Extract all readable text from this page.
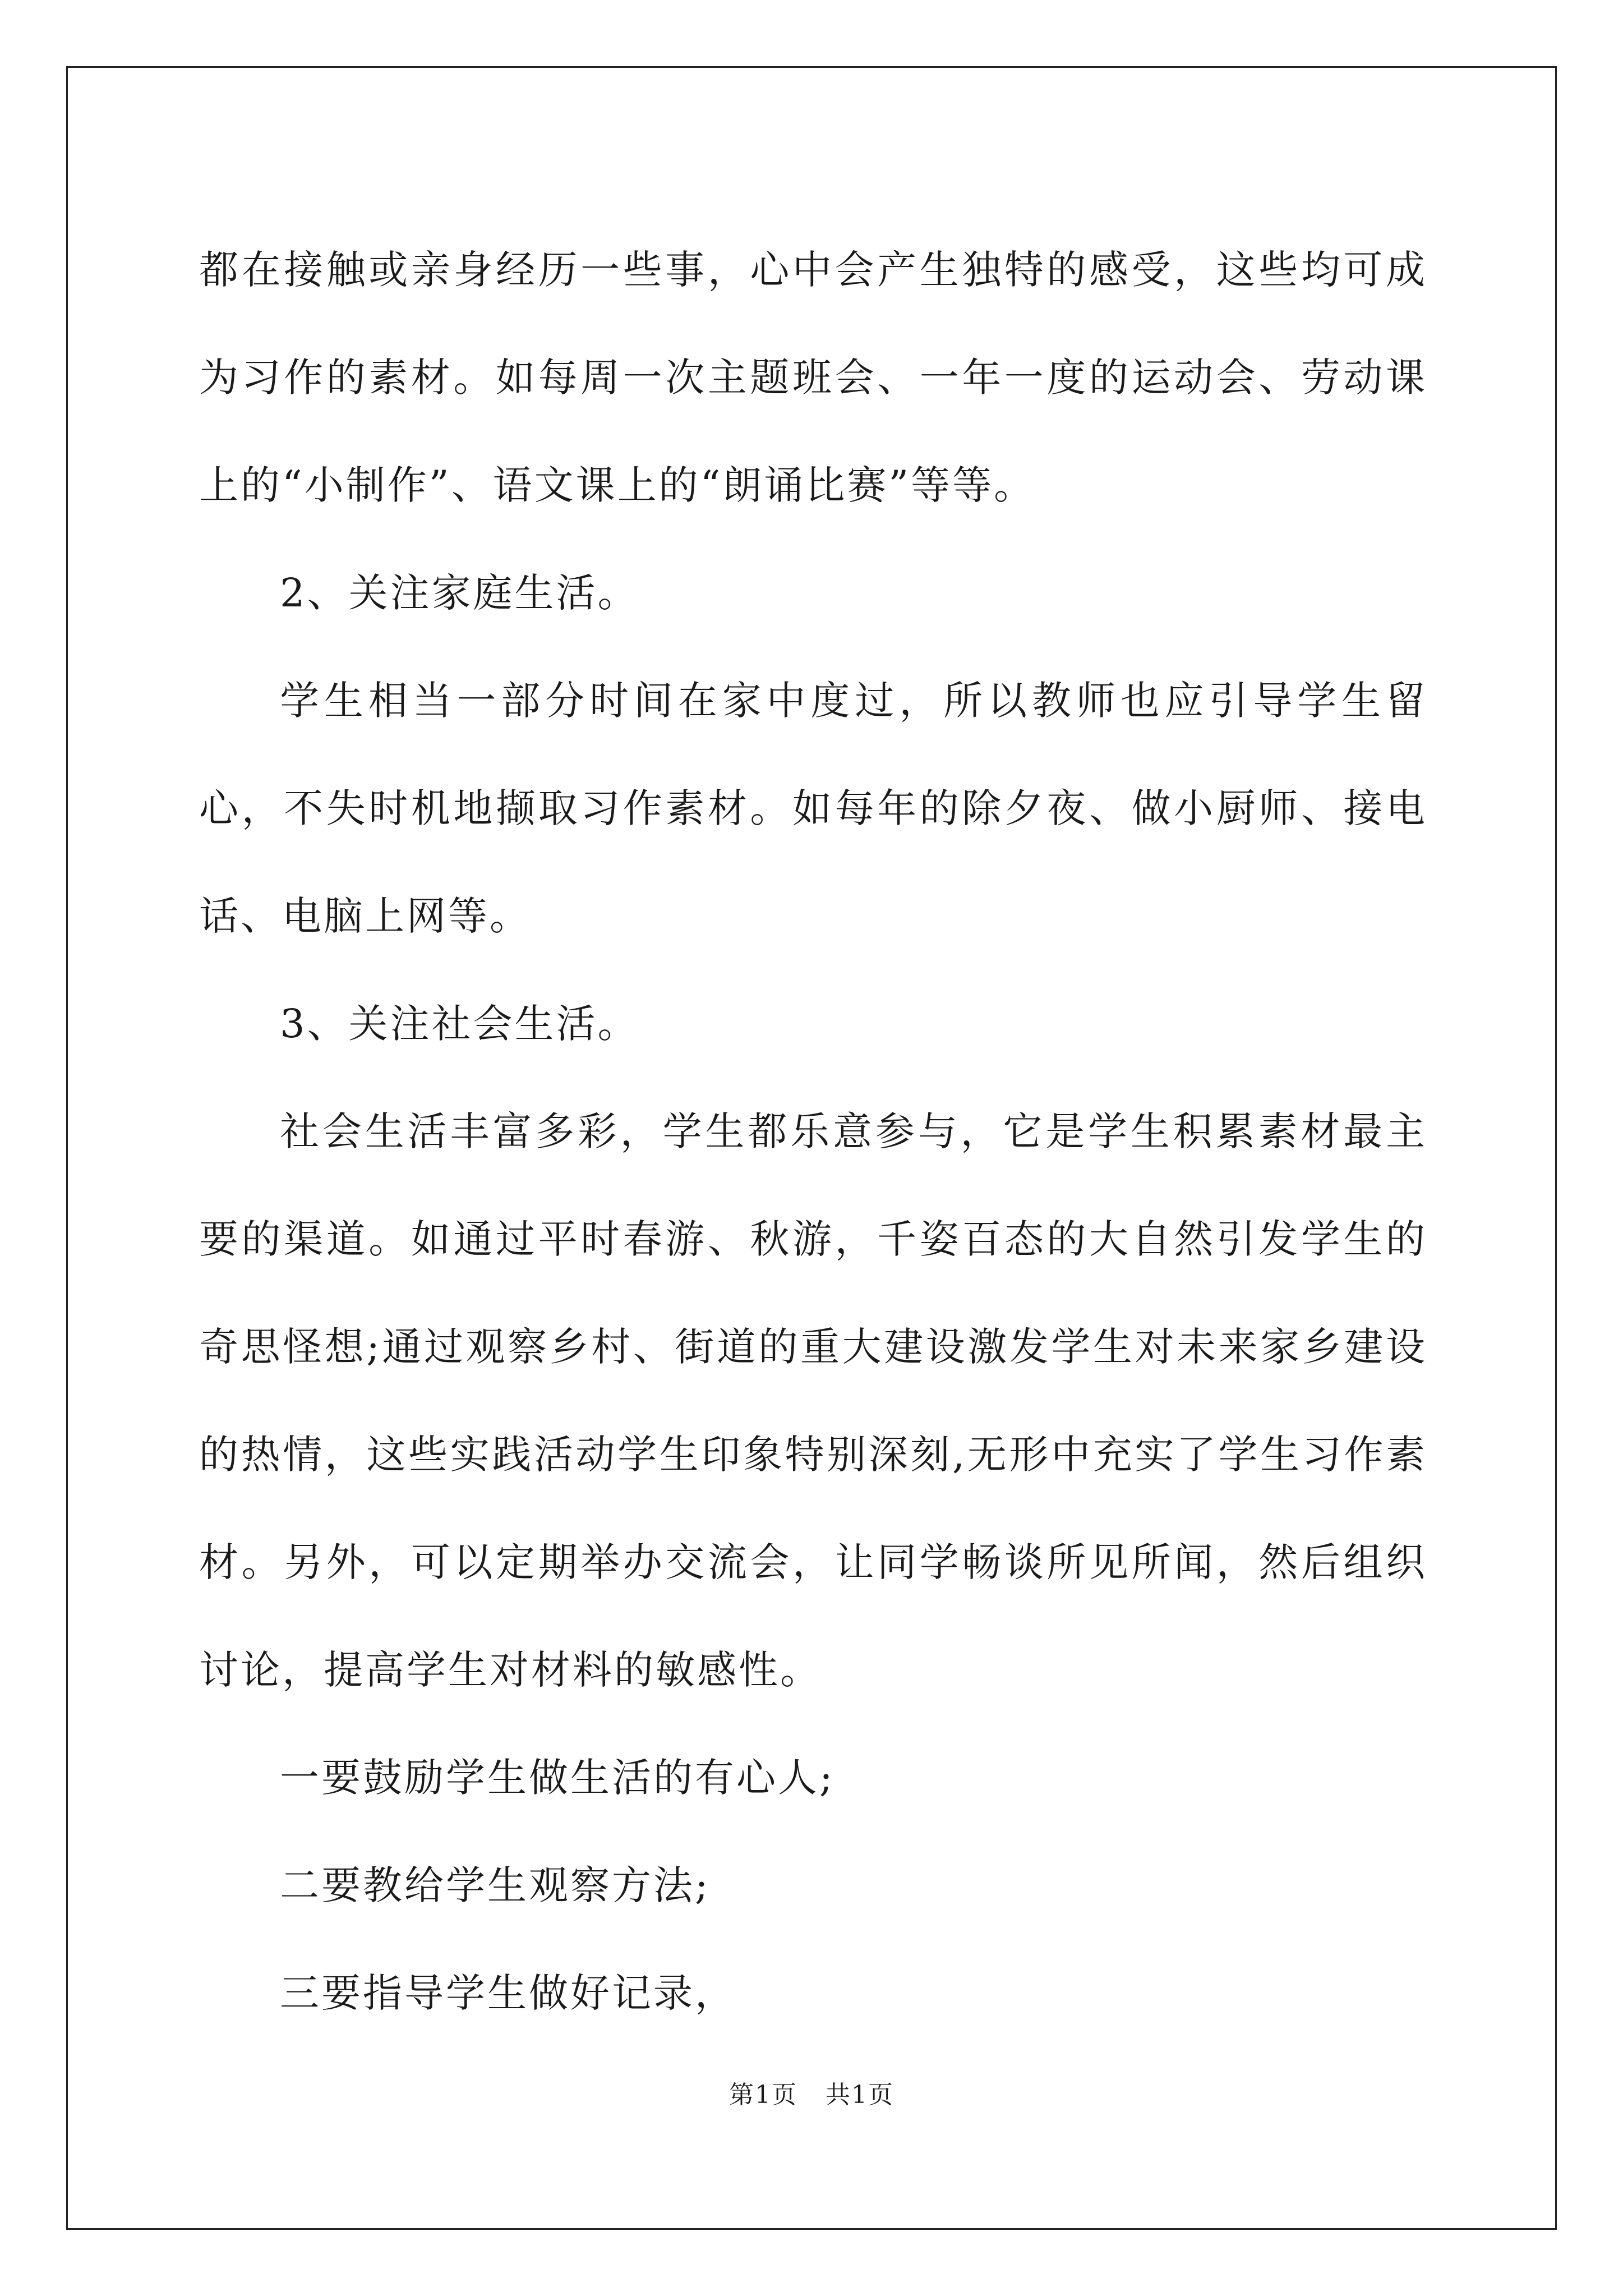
都在接触或亲身经历一些事，心中会产生独特的感受，这些均可成为习作的素材。如每周一次主题班会、一年一度的运动会、劳动课上的“小制作”、语文课上的“朗诵比赛”等等。

2、关注家庭生活。

学生相当一部分时间在家中度过，所以教师也应引导学生留心，不失时机地撷取习作素材。如每年的除夕夜、做小厨师、接电话、电脑上网等。

3、关注社会生活。

社会生活丰富多彩，学生都乐意参与，它是学生积累素材最主要的渠道。如通过平时春游、秋游，千姿百态的大自然引发学生的奇思怪想;通过观察乡村、街道的重大建设激发学生对未来家乡建设的热情，这些实践活动学生印象特别深刻,无形中充实了学生习作素材。另外，可以定期举办交流会，让同学畅谈所见所闻，然后组织讨论，提高学生对材料的敏感性。

一要鼓励学生做生活的有心人;

二要教给学生观察方法;

三要指导学生做好记录，

第1页 共1页
